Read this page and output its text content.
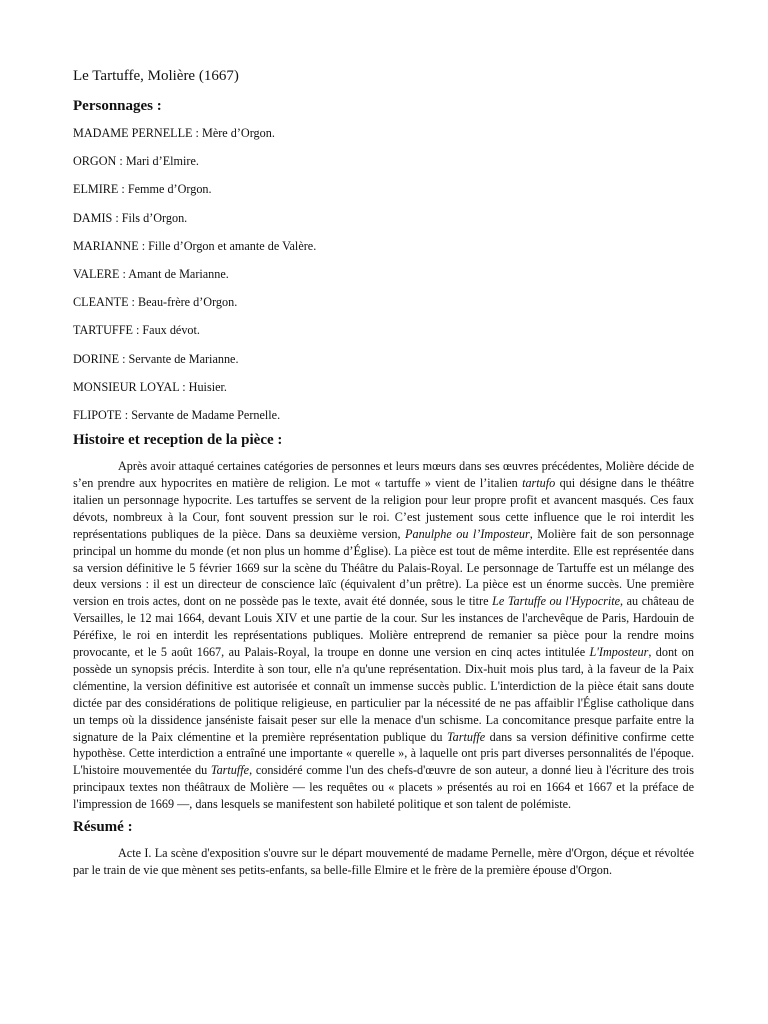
Le Tartuffe, Molière (1667)
Personnages :
MADAME PERNELLE : Mère d’Orgon.
ORGON : Mari d’Elmire.
ELMIRE : Femme d’Orgon.
DAMIS : Fils d’Orgon.
MARIANNE : Fille d’Orgon et amante de Valère.
VALERE : Amant de Marianne.
CLEANTE : Beau-frère d’Orgon.
TARTUFFE : Faux dévot.
DORINE : Servante de Marianne.
MONSIEUR LOYAL : Huisier.
FLIPOTE : Servante de Madame Pernelle.
Histoire et reception de la pièce :

Après avoir attaqué certaines catégories de personnes et leurs mœurs dans ses œuvres précédentes, Molière décide de s’en prendre aux hypocrites en matière de religion. Le mot « tartuffe » vient de l’italien tartufo qui désigne dans le théâtre italien un personnage hypocrite. Les tartuffes se servent de la religion pour leur propre profit et avancent masqués. Ces faux dévots, nombreux à la Cour, font souvent pression sur le roi. C’est justement sous cette influence que le roi interdit les représentations publiques de la pièce. Dans sa deuxième version, Panulphe ou l’Imposteur, Molière fait de son personnage principal un homme du monde (et non plus un homme d’Église). La pièce est tout de même interdite. Elle est représentée dans sa version définitive le 5 février 1669 sur la scène du Théâtre du Palais-Royal. Le personnage de Tartuffe est un mélange des deux versions : il est un directeur de conscience laïc (équivalent d’un prêtre). La pièce est un énorme succès. Une première version en trois actes, dont on ne possède pas le texte, avait été donnée, sous le titre Le Tartuffe ou l'Hypocrite, au château de Versailles, le 12 mai 1664, devant Louis XIV et une partie de la cour. Sur les instances de l'archevêque de Paris, Hardouin de Péréfixe, le roi en interdit les représentations publiques. Molière entreprend de remanier sa pièce pour la rendre moins provocante, et le 5 août 1667, au Palais-Royal, la troupe en donne une version en cinq actes intitulée L'Imposteur, dont on possède un synopsis précis. Interdite à son tour, elle n'a qu'une représentation. Dix-huit mois plus tard, à la faveur de la Paix clémentine, la version définitive est autorisée et connaît un immense succès public. L'interdiction de la pièce était sans doute dictée par des considérations de politique religieuse, en particulier par la nécessité de ne pas affaiblir l'Église catholique dans un temps où la dissidence janséniste faisait peser sur elle la menace d'un schisme. La concomitance presque parfaite entre la signature de la Paix clémentine et la première représentation publique du Tartuffe dans sa version définitive confirme cette hypothèse. Cette interdiction a entraîné une importante « querelle », à laquelle ont pris part diverses personnalités de l'époque. L'histoire mouvementée du Tartuffe, considéré comme l'un des chefs-d'œuvre de son auteur, a donné lieu à l'écriture des trois principaux textes non théâtraux de Molière — les requêtes ou « placets » présentés au roi en 1664 et 1667 et la préface de l'impression de 1669 —, dans lesquels se manifestent son habileté politique et son talent de polémiste.

Résumé :

Acte I. La scène d'exposition s'ouvre sur le départ mouvementé de madame Pernelle, mère d'Orgon, déçue et révoltée par le train de vie que mènent ses petits-enfants, sa belle-fille Elmire et le frère de la première épouse d'Orgon.
